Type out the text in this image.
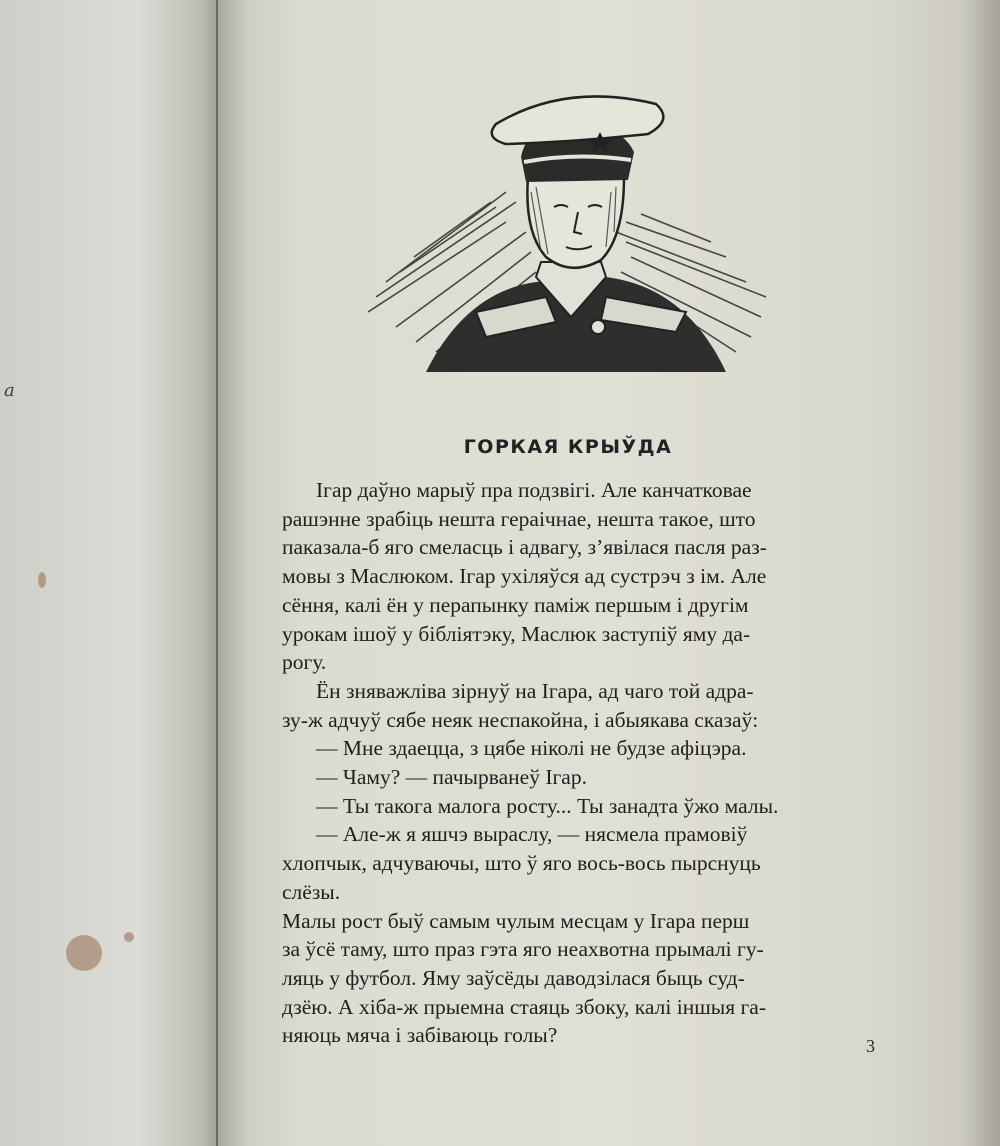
а
ГОРКАЯ КРЫЎДА
Ігар даўно марыў пра подзвігі. Але канчатковае
рашэнне зрабіць нешта гераічнае, нешта такое, што
паказала-б яго смеласць і адвагу, з’явілася пасля раз-
мовы з Маслюком. Ігар ухіляўся ад сустрэч з ім. Але
сёння, калі ён у перапынку паміж першым і другім
урокам ішоў у бібліятэку, Маслюк заступіў яму да-
рогу.
Ён зняважліва зірнуў на Ігара, ад чаго той адра-
зу-ж адчуў сябе неяк неспакойна, і абыякава сказаў:
— Мне здаецца, з цябе ніколі не будзе афіцэра.
— Чаму? — пачырванеў Ігар.
— Ты такога малога росту... Ты занадта ўжо малы.
— Але-ж я яшчэ выраслу, — нясмела прамовіў
хлопчык, адчуваючы, што ў яго вось-вось пырснуць
слёзы.
Малы рост быў самым чулым месцам у Ігара перш
за ўсё таму, што праз гэта яго неахвотна прымалі гу-
ляць у футбол. Яму заўсёды даводзілася быць суд-
дзёю. А хіба-ж прыемна стаяць збоку, калі іншыя га-
няюць мяча і забіваюць голы?	3
